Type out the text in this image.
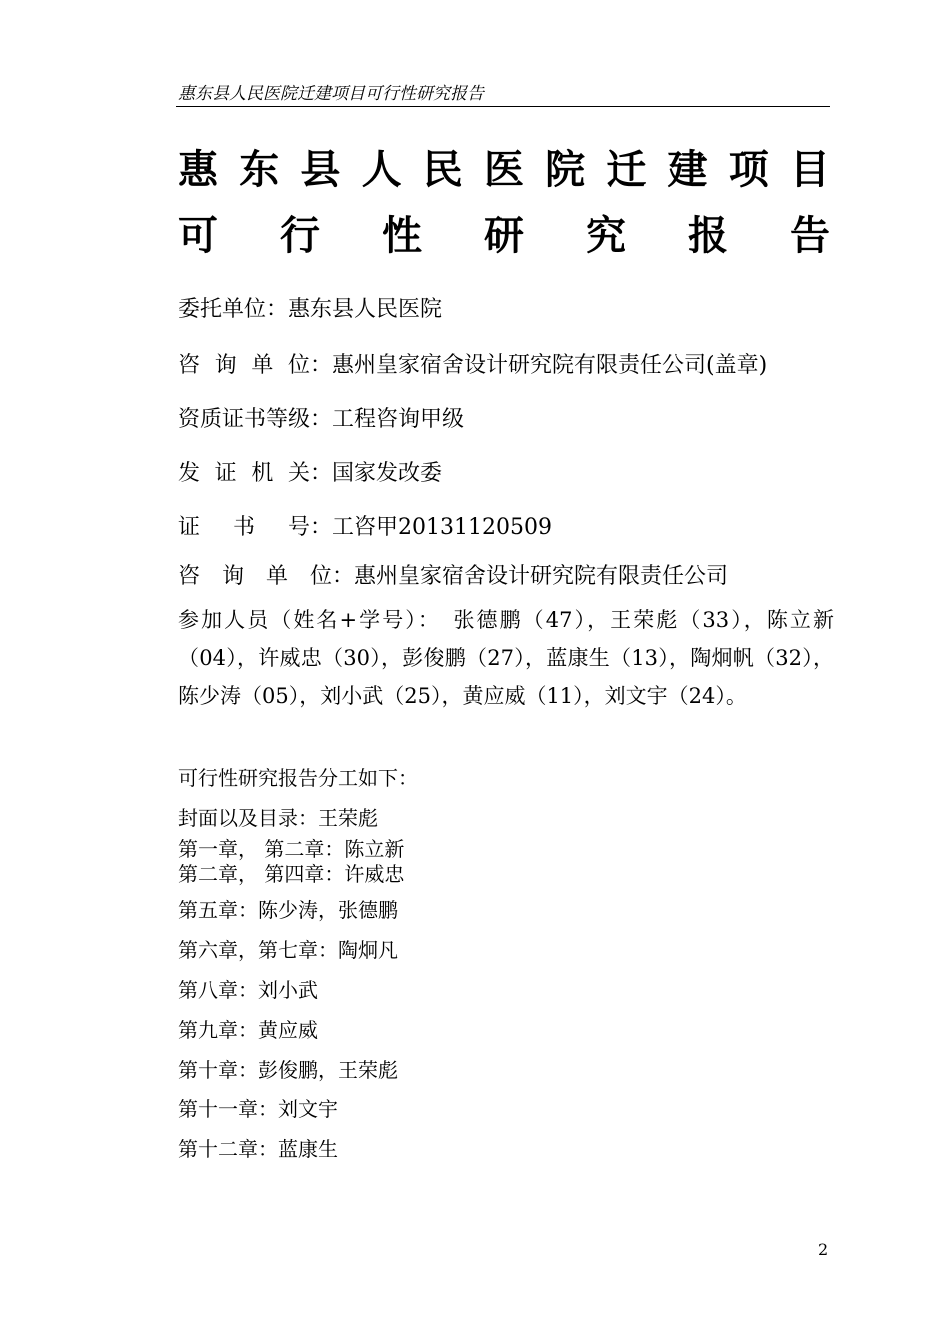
惠东县人民医院迁建项目可行性研究报告
惠 东 县 人 民 医 院 迁 建 项 目
可 行 性 研 究 报 告
委托单位： 惠东县人民医院
咨 询 单 位： 惠州皇家宿舍设计研究院有限责任公司(盖章)
资质证书等级： 工程咨询甲级
发 证 机 关： 国家发改委
证 书 号： 工咨甲20131120509
咨 询 单 位： 惠州皇家宿舍设计研究院有限责任公司
参加人员（姓名+学号）：　张德鹏（47），王荣彪（33），陈立新（04），许威忠（30），彭俊鹏（27），蓝康生（13），陶炯帆（32），陈少涛（05），刘小武（25），黄应威（11），刘文宇（24）。
可行性研究报告分工如下：
封面以及目录：王荣彪
第一章， 第二章：陈立新
第二章， 第四章：许威忠
第五章：陈少涛，张德鹏
第六章，第七章：陶炯凡
第八章：刘小武
第九章：黄应威
第十章：彭俊鹏，王荣彪
第十一章：刘文宇
第十二章：蓝康生
2
